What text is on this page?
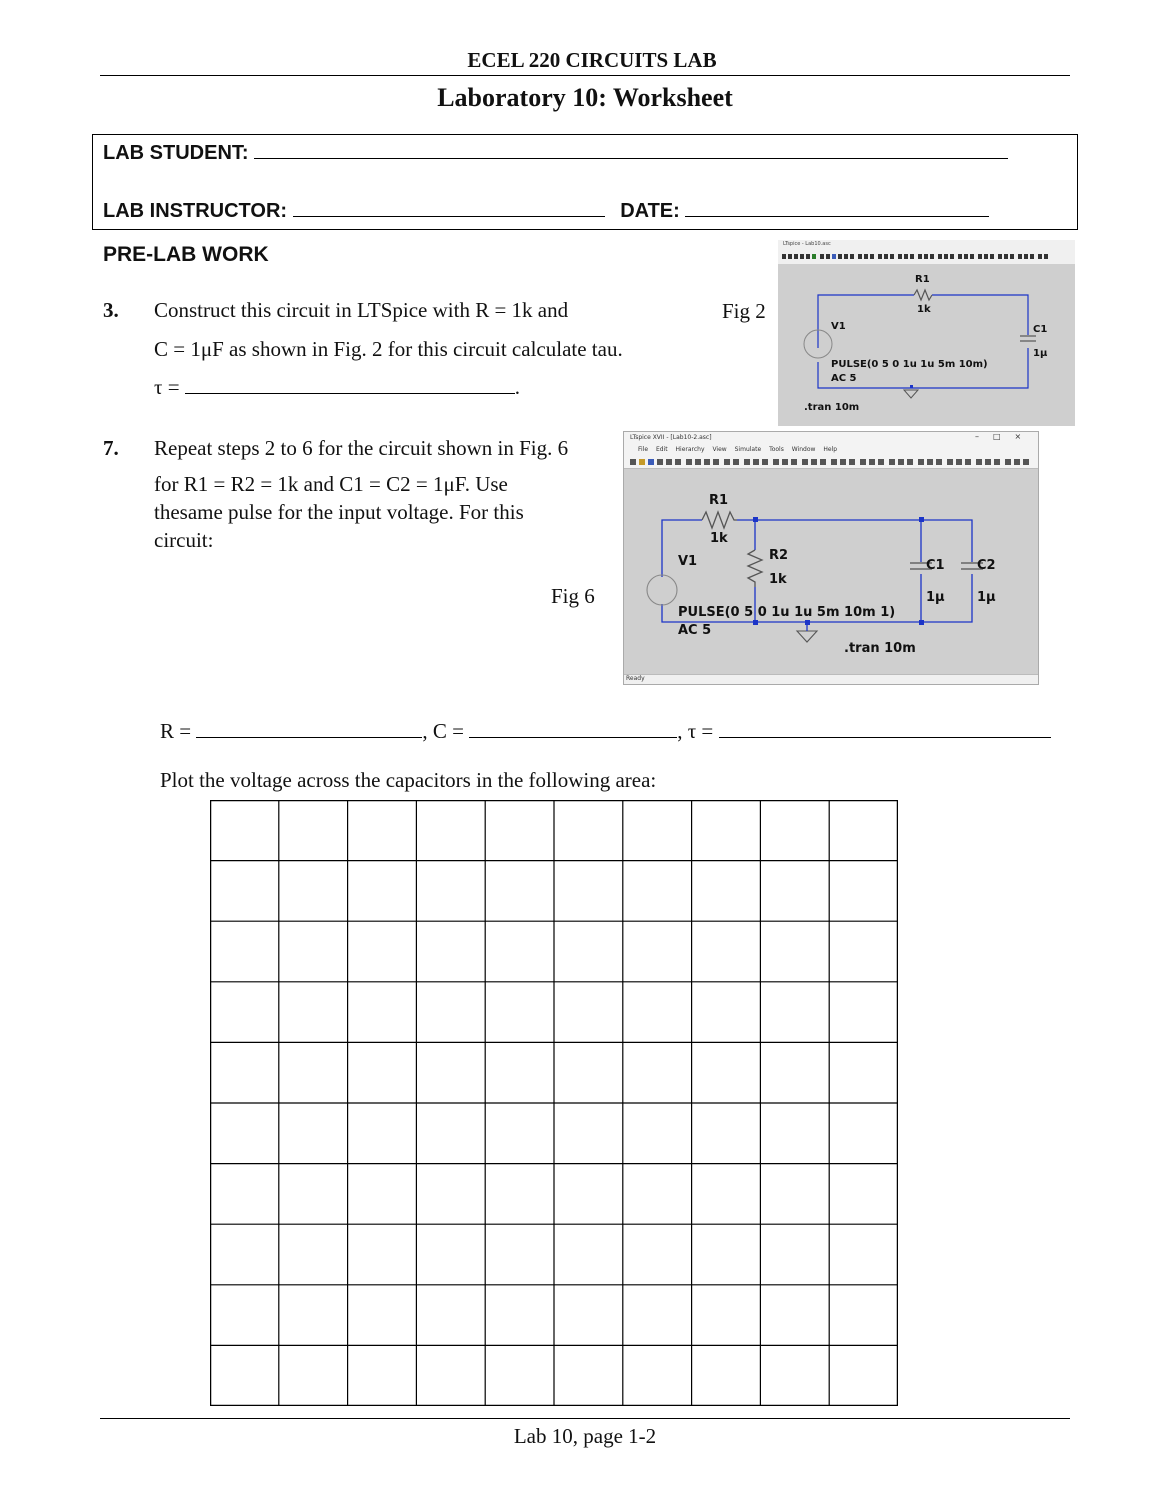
ECEL 220 CIRCUITS LAB
Laboratory 10: Worksheet
LAB STUDENT:
LAB INSTRUCTOR:	DATE:
PRE-LAB WORK
3. Construct this circuit in LTSpice with R = 1k and
C = 1μF as shown in Fig. 2 for this circuit calculate tau.
τ =	.
Fig 2
LTspice - Lab10.asc
R1
1k
V1	C1
1μ
PULSE(0 5 0 1u 1u 5m 10m)
AC 5
.tran 10m
7. Repeat steps 2 to 6 for the circuit shown in Fig. 6
for R1 = R2 = 1k and C1 = C2 = 1μF. Use
thesame pulse for the input voltage. For this
circuit:
Fig 6
LTspice XVII - [Lab10-2.asc]	–□×
File Edit Hierarchy View Simulate Tools Window Help
R1
1k
R2
1k
V1	C1
1μ
C2
1μ
PULSE(0 5 0 1u 1u 5m 10m 1)
AC 5
.tran 10m
Ready
R =	, C =	, τ =
Plot the voltage across the capacitors in the following area:
Lab 10, page 1-2
